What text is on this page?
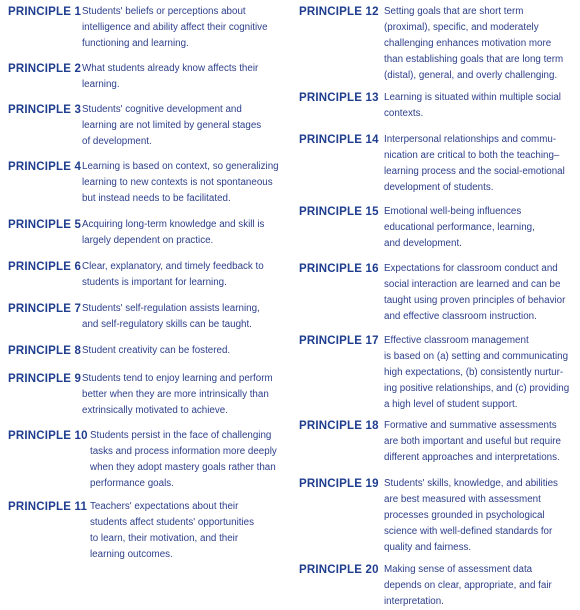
PRINCIPLE 1 Students' beliefs or perceptions about
intelligence and ability affect their cognitive
functioning and learning.

PRINCIPLE 2 What students already know affects their
learning.

PRINCIPLE 3 Students' cognitive development and
learning are not limited by general stages
of development.

PRINCIPLE 4 Learning is based on context, so generalizing
learning to new contexts is not spontaneous
but instead needs to be facilitated.

PRINCIPLE 5 Acquiring long-term knowledge and skill is
largely dependent on practice.

PRINCIPLE 6 Clear, explanatory, and timely feedback to
students is important for learning.

PRINCIPLE 7 Students' self-regulation assists learning,
and self-regulatory skills can be taught.

PRINCIPLE 8 Student creativity can be fostered.

PRINCIPLE 9 Students tend to enjoy learning and perform
better when they are more intrinsically than
extrinsically motivated to achieve.

PRINCIPLE 10 Students persist in the face of challenging
tasks and process information more deeply
when they adopt mastery goals rather than
performance goals.

PRINCIPLE 11 Teachers' expectations about their
students affect students' opportunities
to learn, their motivation, and their
learning outcomes.

PRINCIPLE 12 Setting goals that are short term
(proximal), specific, and moderately
challenging enhances motivation more
than establishing goals that are long term
(distal), general, and overly challenging.

PRINCIPLE 13 Learning is situated within multiple social
contexts.

PRINCIPLE 14 Interpersonal relationships and commu-
nication are critical to both the teaching–
learning process and the social-emotional
development of students.

PRINCIPLE 15 Emotional well-being influences
educational performance, learning,
and development.

PRINCIPLE 16 Expectations for classroom conduct and
social interaction are learned and can be
taught using proven principles of behavior
and effective classroom instruction.

PRINCIPLE 17 Effective classroom management
is based on (a) setting and communicating
high expectations, (b) consistently nurtur-
ing positive relationships, and (c) providing
a high level of student support.

PRINCIPLE 18 Formative and summative assessments
are both important and useful but require
different approaches and interpretations.

PRINCIPLE 19 Students' skills, knowledge, and abilities
are best measured with assessment
processes grounded in psychological
science with well-defined standards for
quality and fairness.

PRINCIPLE 20 Making sense of assessment data
depends on clear, appropriate, and fair
interpretation.
